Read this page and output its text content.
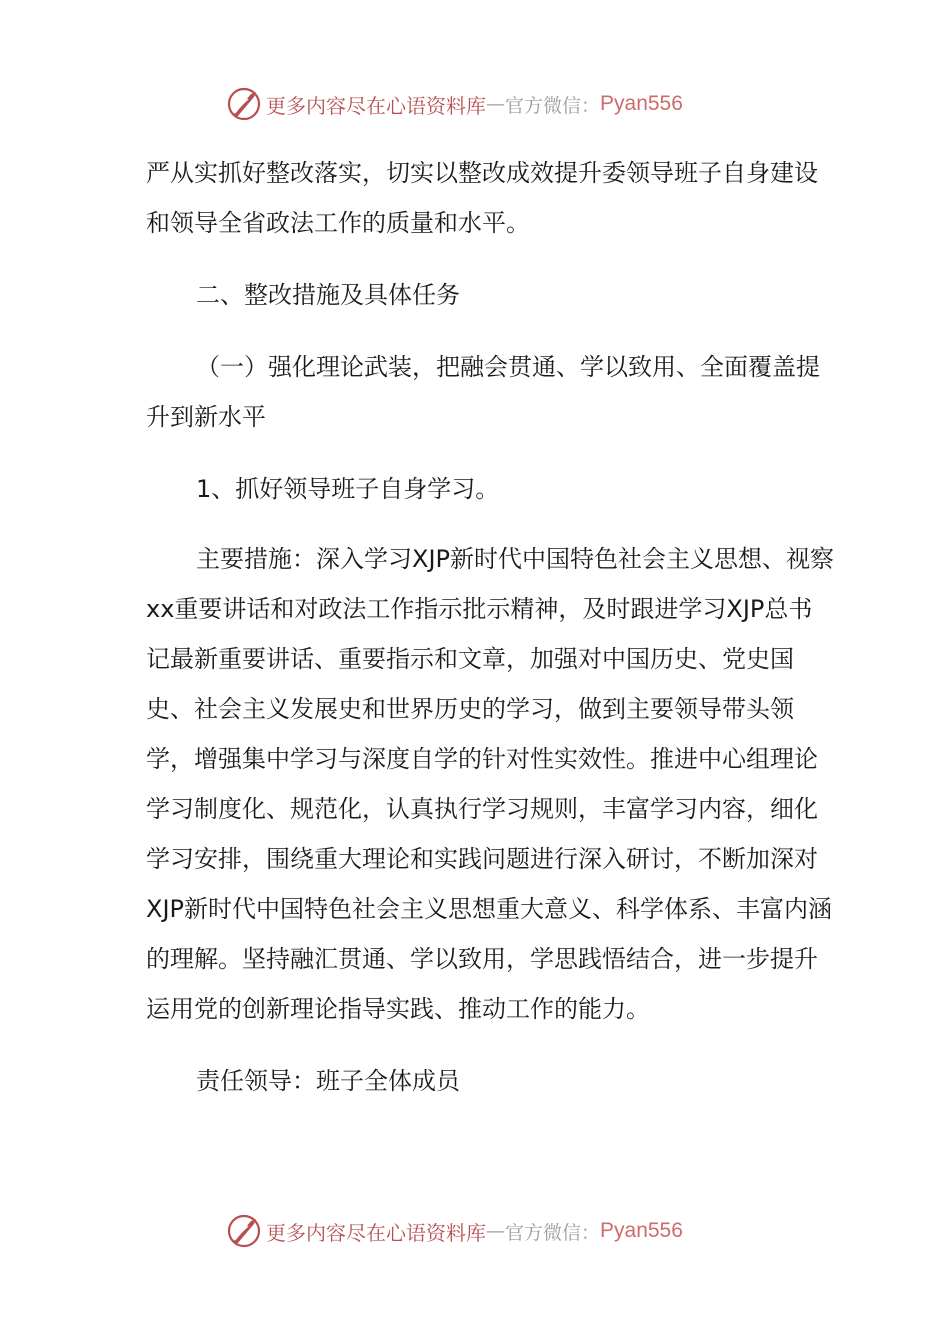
更多内容尽在心语资料库 — 官方微信： Pyan556

严从实抓好整改落实，切实以整改成效提升委领导班子自身建设和领导全省政法工作的质量和水平。

二、整改措施及具体任务

（一）强化理论武装，把融会贯通、学以致用、全面覆盖提升到新水平

1、抓好领导班子自身学习。

主要措施：深入学习XJP新时代中国特色社会主义思想、视察xx重要讲话和对政法工作指示批示精神，及时跟进学习XJP总书记最新重要讲话、重要指示和文章，加强对中国历史、党史国史、社会主义发展史和世界历史的学习，做到主要领导带头领学，增强集中学习与深度自学的针对性实效性。推进中心组理论学习制度化、规范化，认真执行学习规则，丰富学习内容，细化学习安排，围绕重大理论和实践问题进行深入研讨，不断加深对XJP新时代中国特色社会主义思想重大意义、科学体系、丰富内涵的理解。坚持融汇贯通、学以致用，学思践悟结合，进一步提升运用党的创新理论指导实践、推动工作的能力。

责任领导：班子全体成员

更多内容尽在心语资料库 — 官方微信： Pyan556
